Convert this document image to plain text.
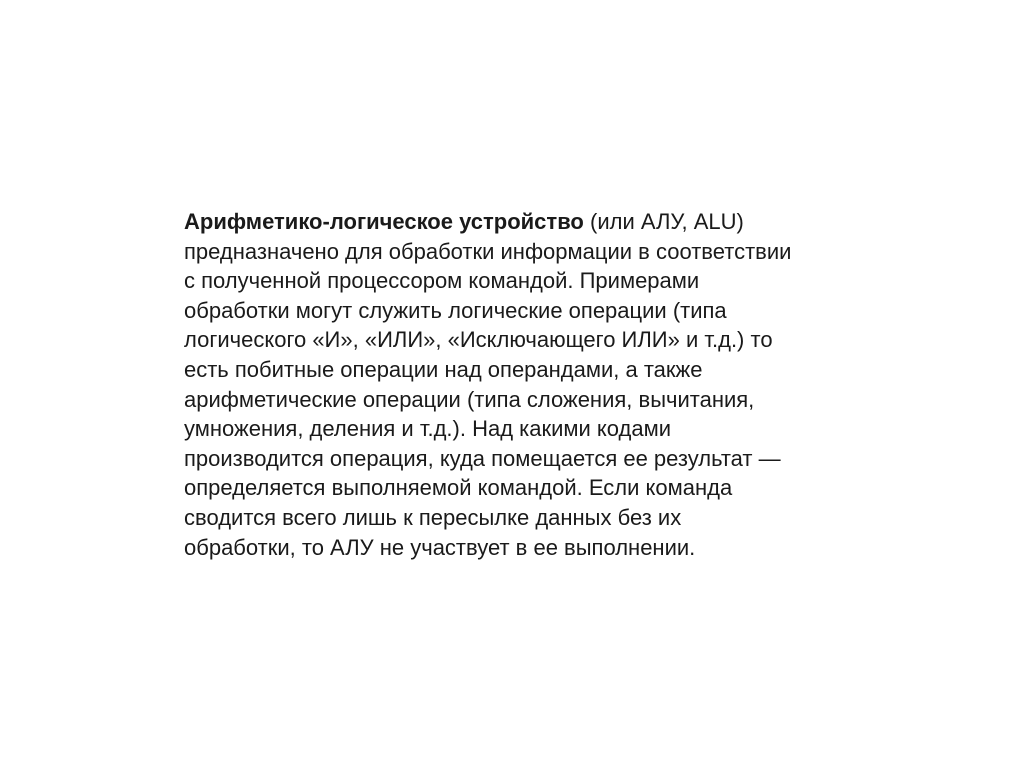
Арифметико-логическое устройство (или АЛУ, ALU)
предназначено для обработки информации в соответствии
с полученной процессором командой. Примерами
обработки могут служить логические операции (типа
логического «И», «ИЛИ», «Исключающего ИЛИ» и т.д.) то
есть побитные операции над операндами, а также
арифметические операции (типа сложения, вычитания,
умножения, деления и т.д.). Над какими кодами
производится операция, куда помещается ее результат —
определяется выполняемой командой. Если команда
сводится всего лишь к пересылке данных без их
обработки, то АЛУ не участвует в ее выполнении.
